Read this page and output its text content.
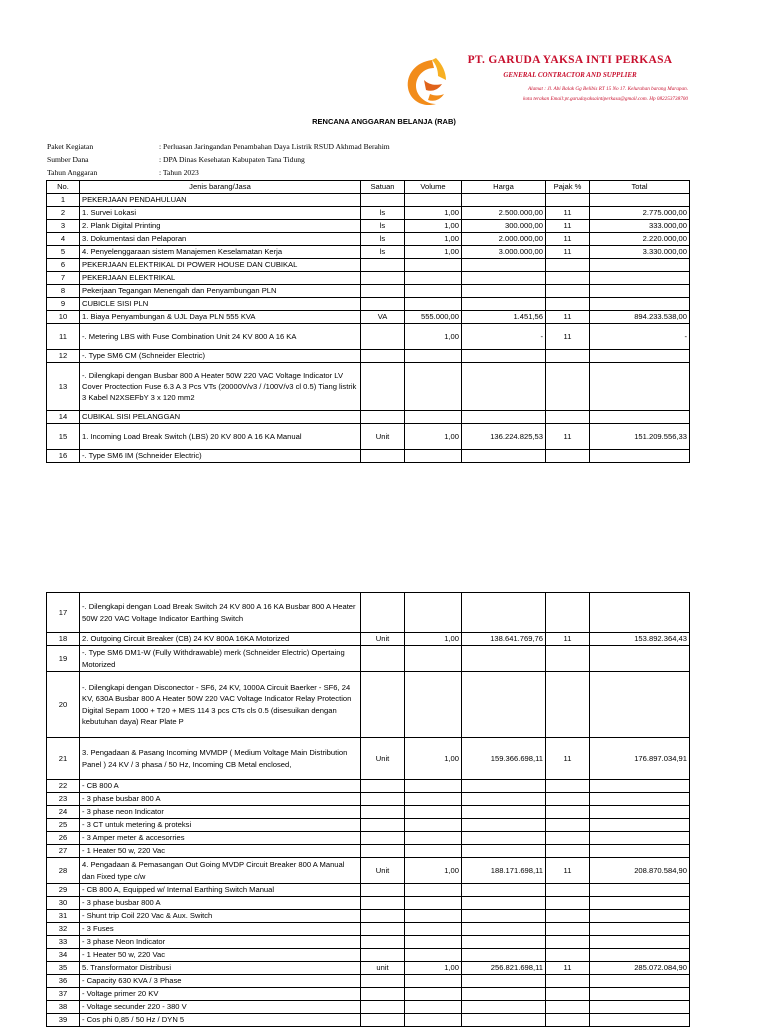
PT. GARUDA YAKSA INTI PERKASA
GENERAL CONTRACTOR AND SUPPLIER
Alamat : Jl. Abi Balak Gg Belibis RT 15 No 17. Kelurahan barang Marapan.
kota terakan Email:pt.garudayaksaintiperkasa@gmail.com. Hp 082253738700
RENCANA ANGGARAN BELANJA (RAB)
Paket Kegiatan	: Perluasan Jaringandan Penambahan Daya Listrik RSUD Akhmad Berahim
Sumber Dana	: DPA Dinas Kesehatan Kabupaten Tana Tidung
Tahun Anggaran	: Tahun 2023
No.	Jenis barang/Jasa	Satuan	Volume	Harga	Pajak %	Total
1	PEKERJAAN PENDAHULUAN					
2	1. Survei Lokasi	ls	1,00	2.500.000,00	11	2.775.000,00
3	2. Plank Digital Printing	ls	1,00	300.000,00	11	333.000,00
4	3. Dokumentasi dan Pelaporan	ls	1,00	2.000.000,00	11	2.220.000,00
5	4. Penyelenggaraan sistem Manajemen Keselamatan Kerja	ls	1,00	3.000.000,00	11	3.330.000,00
6	PEKERJAAN ELEKTRIKAL DI POWER HOUSE DAN CUBIKAL					
7	PEKERJAAN ELEKTRIKAL					
8	Pekerjaan Tegangan Menengah dan Penyambungan PLN					
9	CUBICLE SISI PLN					
10	1. Biaya Penyambungan & UJL Daya PLN 555 KVA	VA	555.000,00	1.451,56	11	894.233.538,00
11	-. Metering LBS with Fuse Combination Unit 24 KV 800 A 16 KA		1,00	-	11	-
12	-. Type SM6 CM (Schneider Electric)					
13	-. Dilengkapi dengan Busbar 800 A Heater 50W 220 VAC Voltage Indicator LV Cover Proctection Fuse 6.3 A 3 Pcs VTs (20000V/v3 / /100V/v3 cl 0.5) Tiang listrik 3 Kabel N2XSEFbY 3 x 120 mm2					
14	CUBIKAL SISI PELANGGAN					
15	1. Incoming Load Break Switch (LBS) 20 KV 800 A 16 KA Manual	Unit	1,00	136.224.825,53	11	151.209.556,33
16	-. Type SM6 IM (Schneider Electric)					
17	-. Dilengkapi dengan Load Break Switch 24 KV 800 A 16 KA Busbar 800 A Heater 50W 220 VAC Voltage Indicator Earthing Switch					
18	2. Outgoing Circuit Breaker (CB) 24 KV 800A 16KA Motorized	Unit	1,00	138.641.769,76	11	153.892.364,43
19	-. Type SM6 DM1-W (Fully Withdrawable) merk (Schneider Electric) Opertaing Motorized					
20	-. Dilengkapi dengan Disconector - SF6, 24 KV, 1000A Circuit Baerker - SF6, 24 KV, 630A Busbar 800 A Heater 50W 220 VAC Voltage Indicator Relay Protection Digital Sepam 1000 + T20 + MES 114 3 pcs CTs cls 0.5 (disesuikan dengan kebutuhan daya) Rear Plate P					
21	3. Pengadaan & Pasang Incoming MVMDP ( Medium Voltage Main Distribution Panel ) 24 KV / 3 phasa / 50 Hz, Incoming CB Metal enclosed,	Unit	1,00	159.366.698,11	11	176.897.034,91
22	- CB 800 A					
23	- 3 phase busbar 800 A					
24	- 3 phase neon Indicator					
25	- 3 CT untuk metering & proteksi					
26	- 3 Amper meter & accesorries					
27	- 1 Heater 50 w, 220 Vac					
28	4. Pengadaan & Pemasangan Out Going MVDP Circuit Breaker 800 A Manual dan Fixed type c/w	Unit	1,00	188.171.698,11	11	208.870.584,90
29	- CB 800 A, Equipped w/ Internal Earthing Switch Manual					
30	- 3 phase busbar 800 A					
31	- Shunt trip Coil 220 Vac & Aux. Switch					
32	- 3 Fuses					
33	- 3 phase Neon Indicator					
34	- 1 Heater 50 w, 220 Vac					
35	5. Transformator Distribusi	unit	1,00	256.821.698,11	11	285.072.084,90
36	- Capacity 630 KVA / 3 Phase					
37	- Voltage primer 20 KV					
38	- Voltage secunder 220 - 380 V					
39	- Cos phi 0,85 / 50 Hz / DYN 5					
